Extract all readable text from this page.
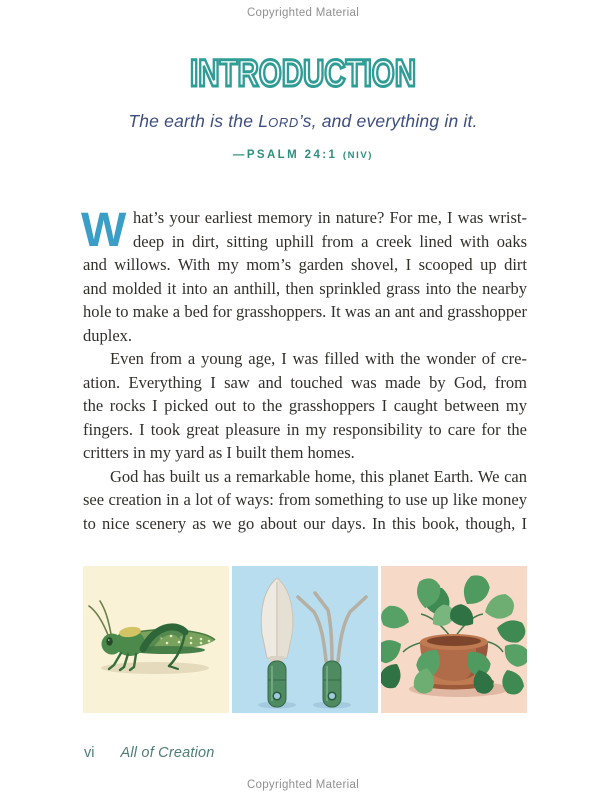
Copyrighted Material
INTRODUCTION
The earth is the LORD’s, and everything in it.
—PSALM 24:1 (NIV)
W hat’s your earliest memory in nature? For me, I was wrist-
deep in dirt, sitting uphill from a creek lined with oaks
and willows. With my mom’s garden shovel, I scooped up dirt
and molded it into an anthill, then sprinkled grass into the nearby
hole to make a bed for grasshoppers. It was an ant and grasshopper
duplex.
Even from a young age, I was filled with the wonder of cre-
ation. Everything I saw and touched was made by God, from
the rocks I picked out to the grasshoppers I caught between my
fingers. I took great pleasure in my responsibility to care for the
critters in my yard as I built them homes.
God has built us a remarkable home, this planet Earth. We can
see creation in a lot of ways: from something to use up like money
to nice scenery as we go about our days. In this book, though, I
vi All of Creation
Copyrighted Material
